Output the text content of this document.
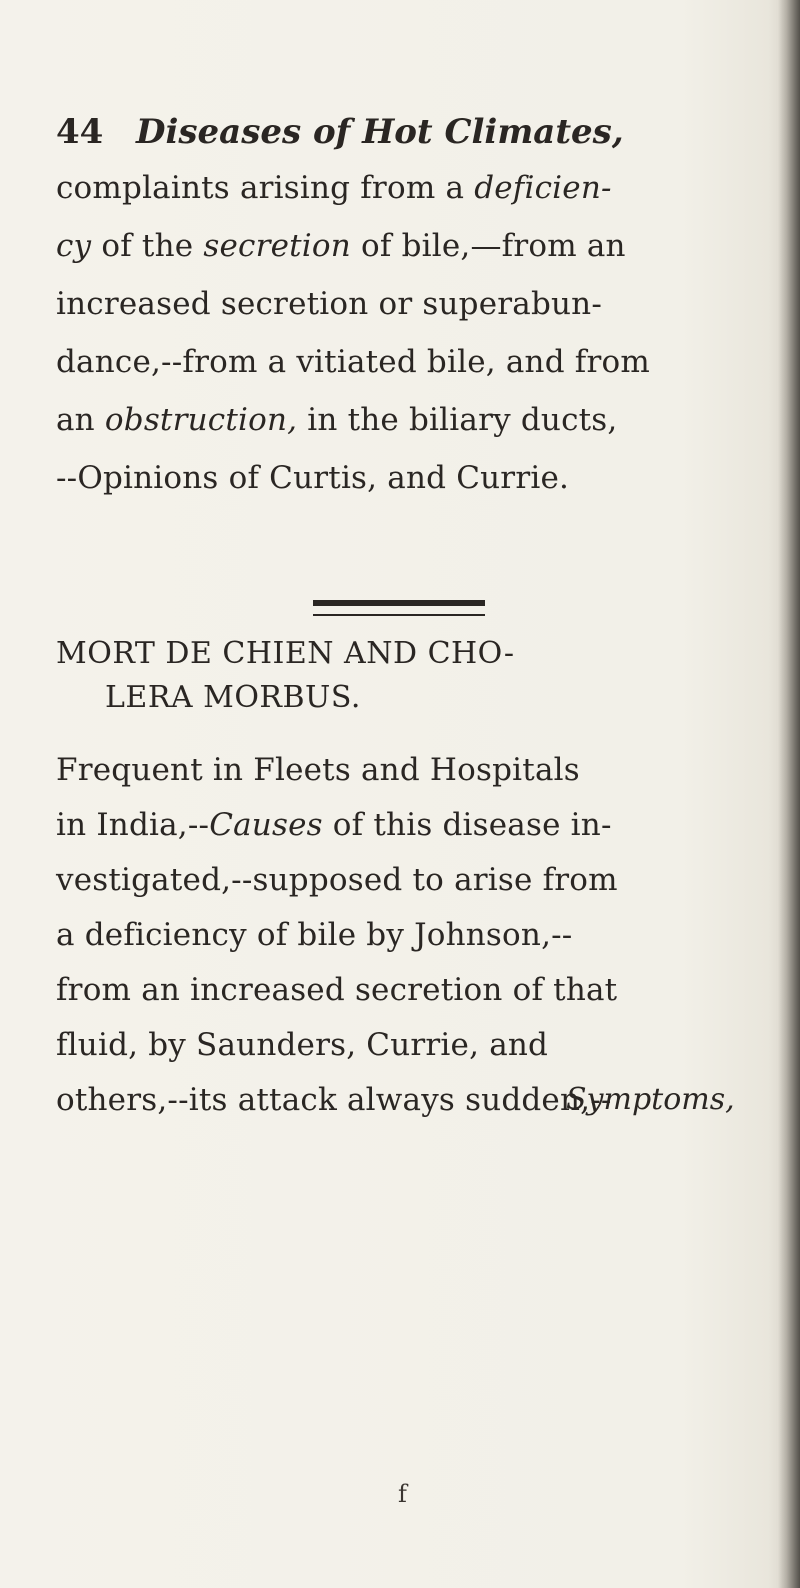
44 Diseases of Hot Climates,
complaints arising from a deficien-
cy of the secretion of bile,—from an
increased secretion or superabun-
dance,--from a vitiated bile, and from
an obstruction, in the biliary ducts,
--Opinions of Curtis, and Currie.
MORT DE CHIEN AND CHO-
LERA MORBUS.
Frequent in Fleets and Hospitals
in India,--Causes of this disease in-
vestigated,--supposed to arise from
a deficiency of bile by Johnson,--
from an increased secretion of that
fluid, by Saunders, Currie, and
others,--its attack always sudden,--
Symptoms,
f
